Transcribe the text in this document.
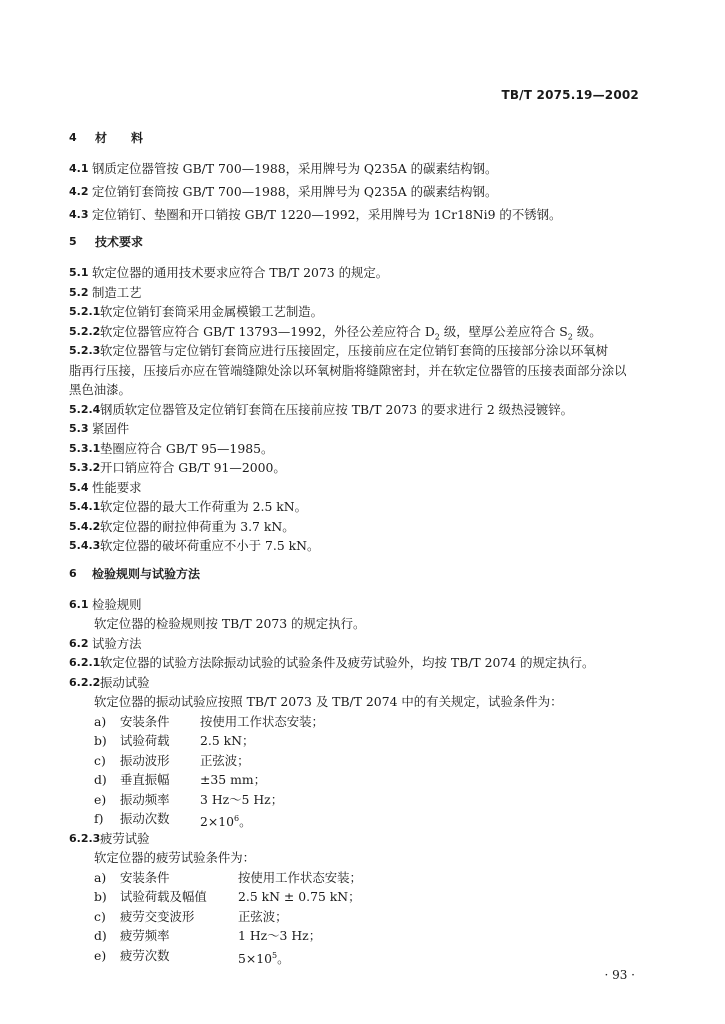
TB/T 2075.19—2002
4 材　　料
4.1 钢质定位器管按 GB/T 700—1988，采用牌号为 Q235A 的碳素结构钢。
4.2 定位销钉套筒按 GB/T 700—1988，采用牌号为 Q235A 的碳素结构钢。
4.3 定位销钉、垫圈和开口销按 GB/T 1220—1992，采用牌号为 1Cr18Ni9 的不锈钢。
5 技术要求
5.1 软定位器的通用技术要求应符合 TB/T 2073 的规定。
5.2 制造工艺
5.2.1 软定位销钉套筒采用金属模锻工艺制造。
5.2.2 软定位器管应符合 GB/T 13793—1992，外径公差应符合 $D_2$ 级，壁厚公差应符合 $S_2$ 级。
5.2.3 软定位器管与定位销钉套筒应进行压接固定，压接前应在定位销钉套筒的压接部分涂以环氧树
脂再行压接，压接后亦应在管端缝隙处涂以环氧树脂将缝隙密封，并在软定位器管的压接表面部分涂以
黑色油漆。
5.2.4 钢质软定位器管及定位销钉套筒在压接前应按 TB/T 2073 的要求进行 2 级热浸镀锌。
5.3 紧固件
5.3.1 垫圈应符合 GB/T 95—1985。
5.3.2 开口销应符合 GB/T 91—2000。
5.4 性能要求
5.4.1 软定位器的最大工作荷重为 2.5 kN。
5.4.2 软定位器的耐拉伸荷重为 3.7 kN。
5.4.3 软定位器的破坏荷重应不小于 7.5 kN。
6 检验规则与试验方法
6.1 检验规则
软定位器的检验规则按 TB/T 2073 的规定执行。
6.2 试验方法
6.2.1 软定位器的试验方法除振动试验的试验条件及疲劳试验外，均按 TB/T 2074 的规定执行。
6.2.2 振动试验
软定位器的振动试验应按照 TB/T 2073 及 TB/T 2074 中的有关规定，试验条件为：
a) 安装条件 按使用工作状态安装；
b) 试验荷载 2.5 kN；
c) 振动波形 正弦波；
d) 垂直振幅 ±35 mm；
e) 振动频率 3 Hz～5 Hz；
f) 振动次数 $2\times 10^6$。
6.2.3 疲劳试验
软定位器的疲劳试验条件为：
a) 安装条件	按使用工作状态安装；
b) 试验荷载及幅值	2.5 kN ± 0.75 kN；
c) 疲劳交变波形	正弦波；
d) 疲劳频率	1 Hz～3 Hz；
e) 疲劳次数	$5\times 10^5$。
· 93 ·
